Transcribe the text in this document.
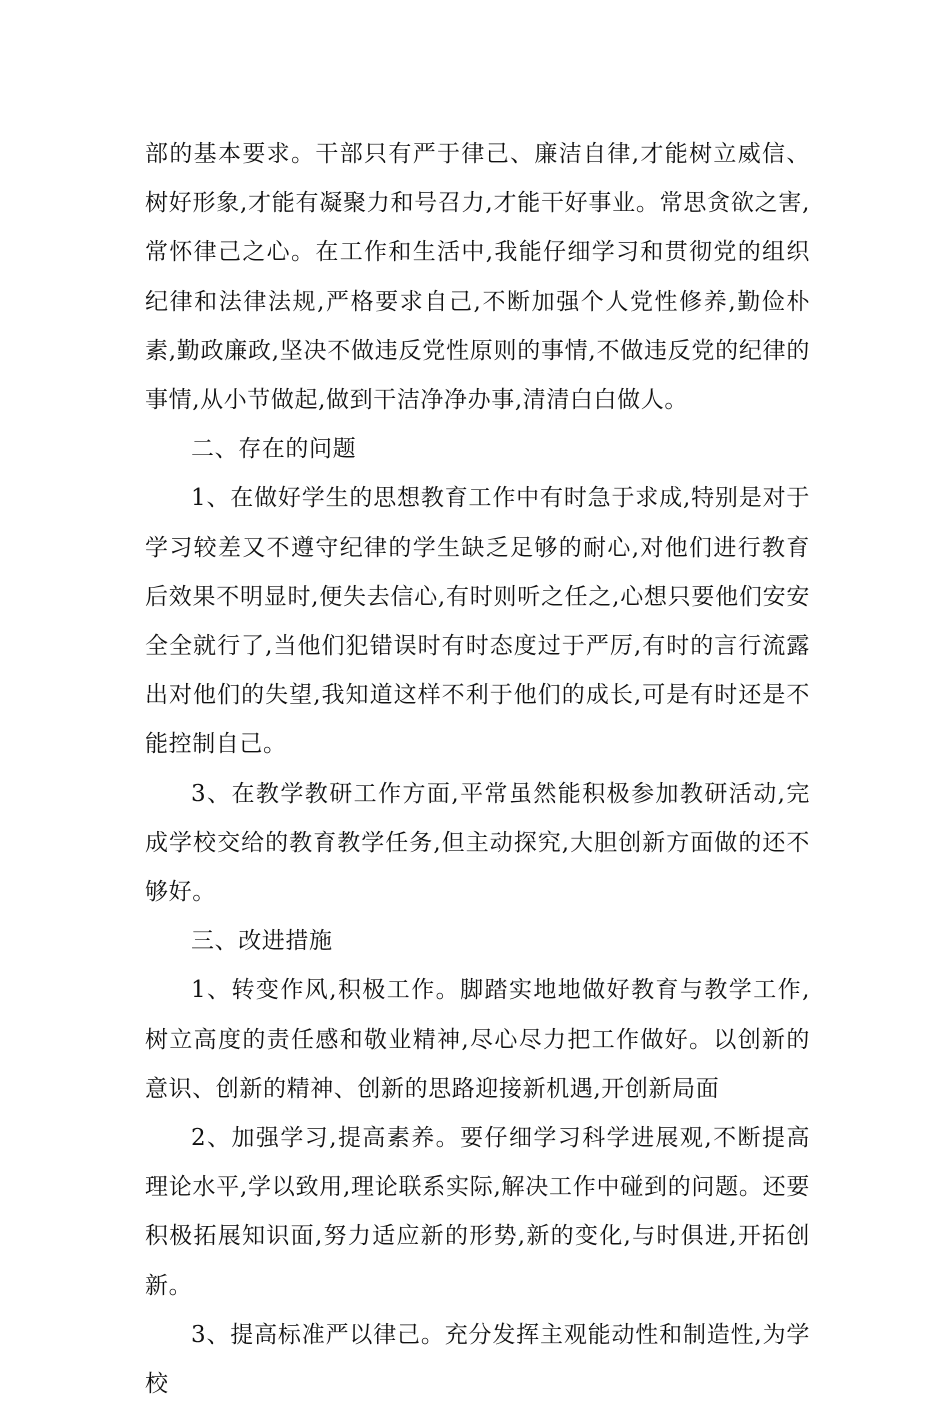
部的基本要求。干部只有严于律己、廉洁自律,才能树立威信、树好形象,才能有凝聚力和号召力,才能干好事业。常思贪欲之害,常怀律己之心。在工作和生活中,我能仔细学习和贯彻党的组织纪律和法律法规,严格要求自己,不断加强个人党性修养,勤俭朴素,勤政廉政,坚决不做违反党性原则的事情,不做违反党的纪律的事情,从小节做起,做到干洁净净办事,清清白白做人。

二、存在的问题

1、在做好学生的思想教育工作中有时急于求成,特别是对于学习较差又不遵守纪律的学生缺乏足够的耐心,对他们进行教育后效果不明显时,便失去信心,有时则听之任之,心想只要他们安安全全就行了,当他们犯错误时有时态度过于严厉,有时的言行流露出对他们的失望,我知道这样不利于他们的成长,可是有时还是不能控制自己。

3、在教学教研工作方面,平常虽然能积极参加教研活动,完成学校交给的教育教学任务,但主动探究,大胆创新方面做的还不够好。

三、改进措施

1、转变作风,积极工作。脚踏实地地做好教育与教学工作,树立高度的责任感和敬业精神,尽心尽力把工作做好。以创新的意识、创新的精神、创新的思路迎接新机遇,开创新局面

2、加强学习,提高素养。要仔细学习科学进展观,不断提高理论水平,学以致用,理论联系实际,解决工作中碰到的问题。还要积极拓展知识面,努力适应新的形势,新的变化,与时俱进,开拓创新。

3、提高标准严以律己。充分发挥主观能动性和制造性,为学校
